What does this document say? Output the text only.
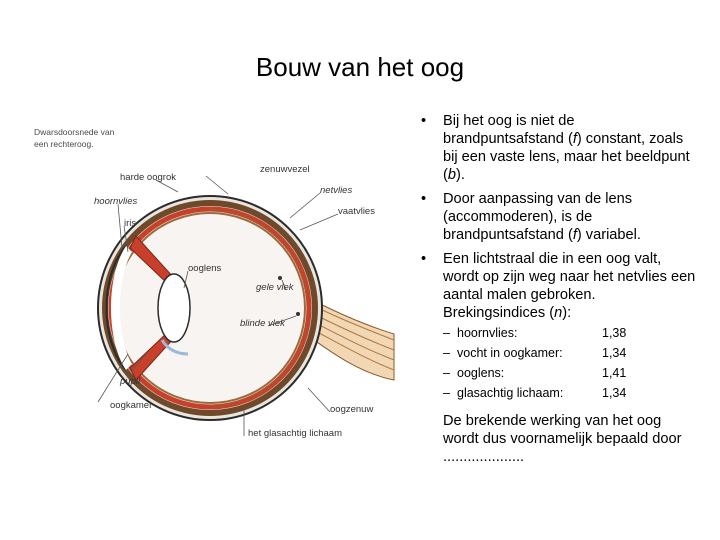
Bouw van het oog
Dwarsdoorsnede van
een rechteroog.
harde oogrok
zenuwvezel
hoornvlies
netvlies
iris
vaatvlies
ooglens
gele vlek
blinde vlek
pupil
oogkamer	oogzenuw
het glasachtig lichaam
• Bij het oog is niet de brandpuntsafstand (f) constant, zoals bij een vaste lens, maar het beeldpunt (b).
• Door aanpassing van de lens (accommoderen), is de brandpuntsafstand (f) variabel.
• Een lichtstraal die in een oog valt, wordt op zijn weg naar het netvlies een aantal malen gebroken. Brekingsindices (n):
– hoornvlies:	1,38
– vocht in oogkamer:	1,34
– ooglens:	1,41
– glasachtig lichaam:	1,34
De brekende werking van het oog wordt dus voornamelijk bepaald door ....................
